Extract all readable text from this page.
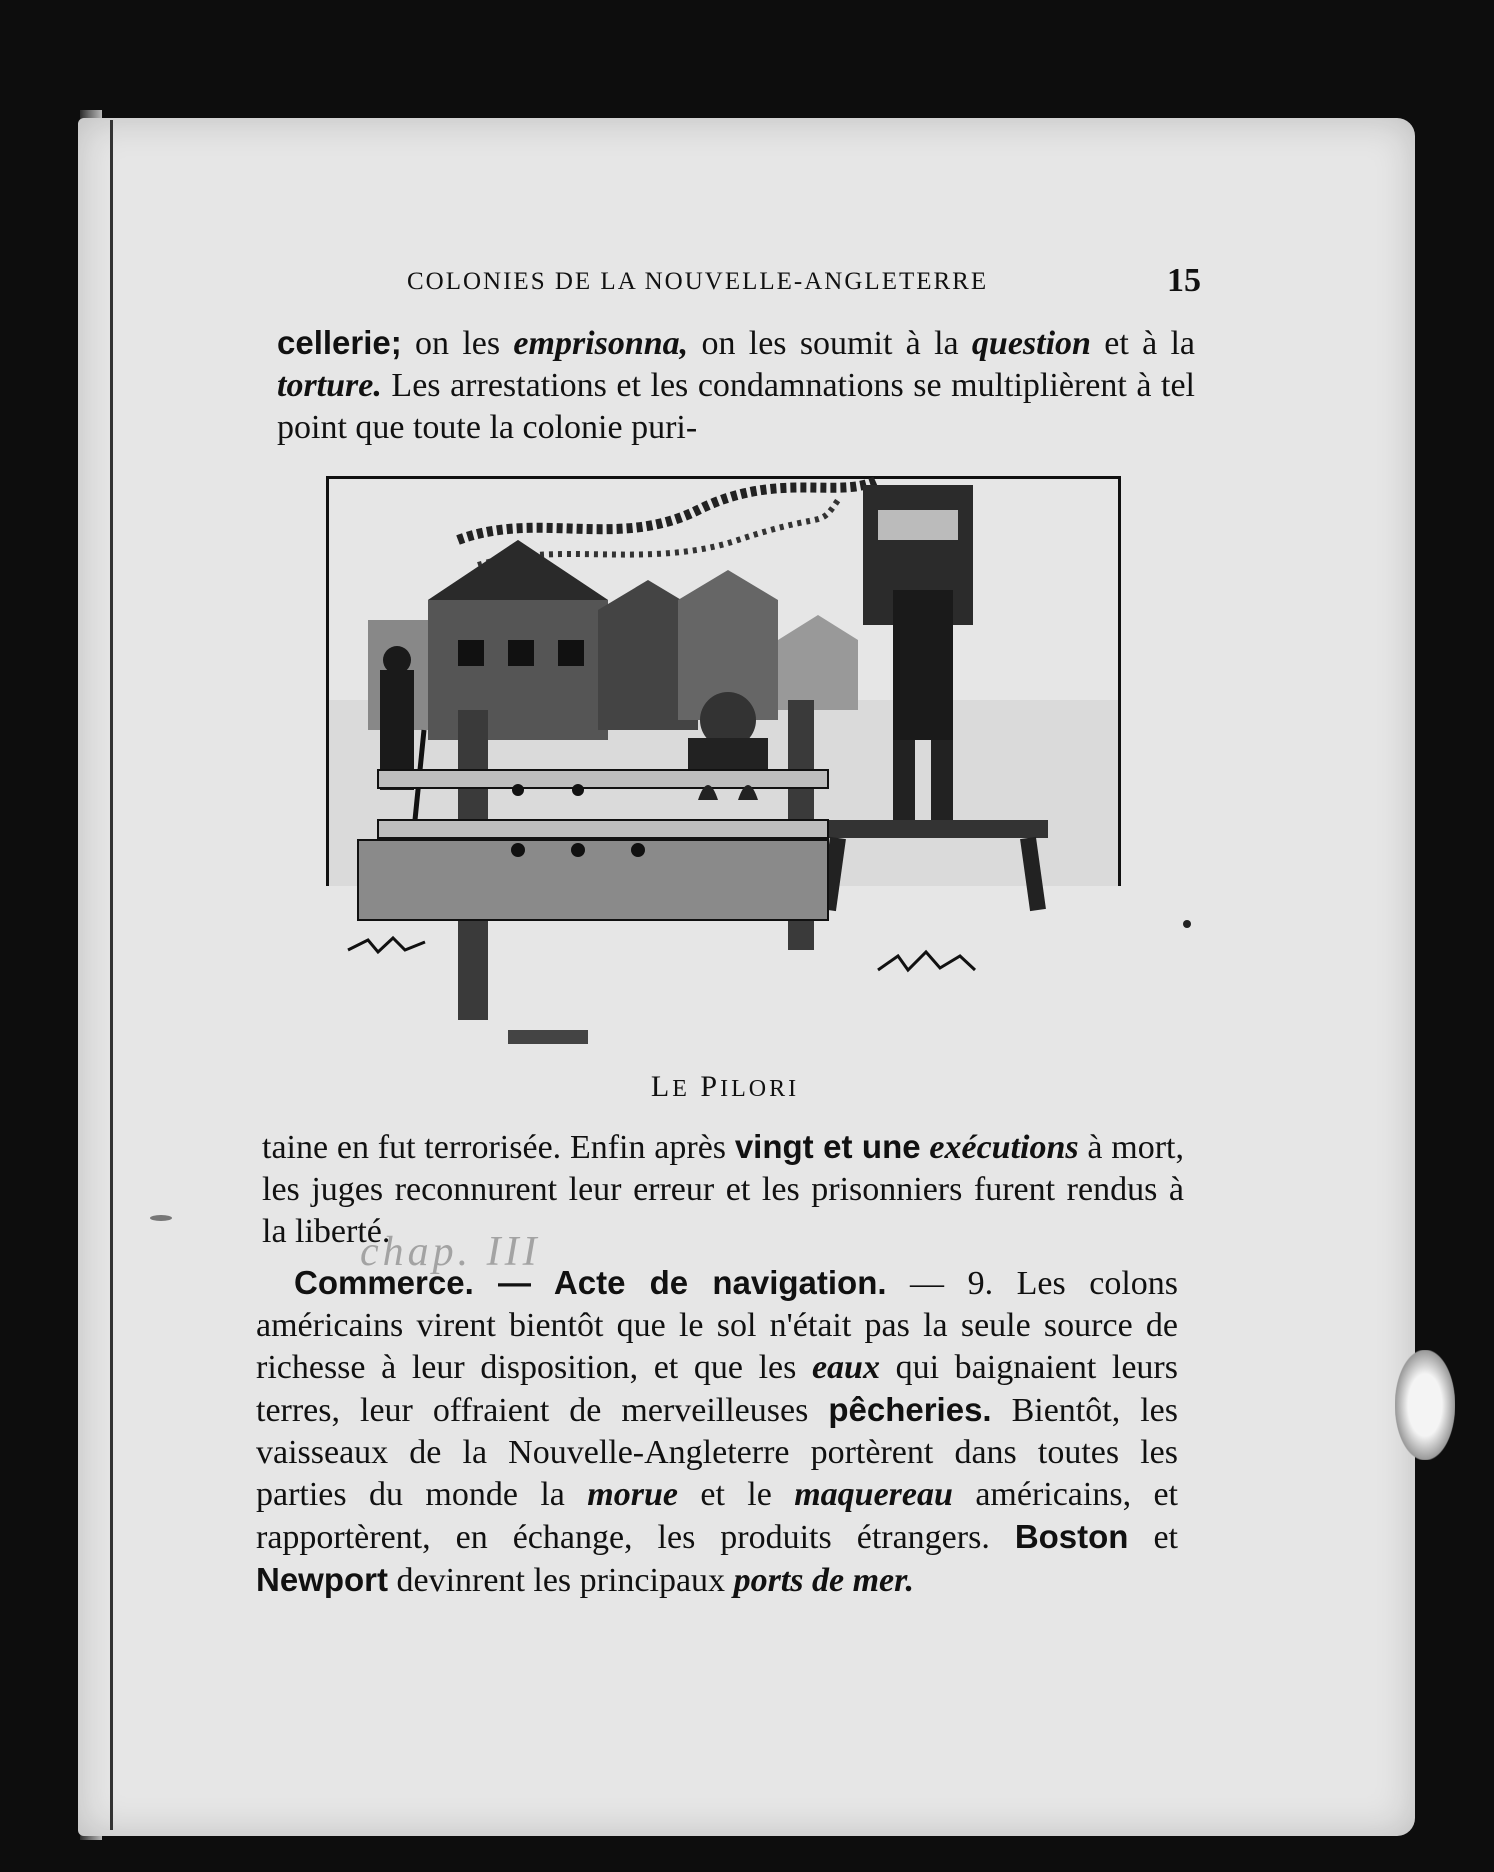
COLONIES DE LA NOUVELLE-ANGLETERRE	15

cellerie; on les emprisonna, on les soumit à la question et à la torture. Les arrestations et les condamnations se multiplièrent à tel point que toute la colonie puri-

LE PILORI

taine en fut terrorisée. Enfin après vingt et une exécutions à mort, les juges reconnurent leur erreur et les prisonniers furent rendus à la liberté.

chap. III

Commerce. — Acte de navigation. — 9. Les colons américains virent bientôt que le sol n'était pas la seule source de richesse à leur disposition, et que les eaux qui baignaient leurs terres, leur offraient de merveilleuses pêcheries. Bientôt, les vaisseaux de la Nouvelle-Angleterre portèrent dans toutes les parties du monde la morue et le maquereau américains, et rapportèrent, en échange, les produits étrangers. Boston et Newport devinrent les principaux ports de mer.
